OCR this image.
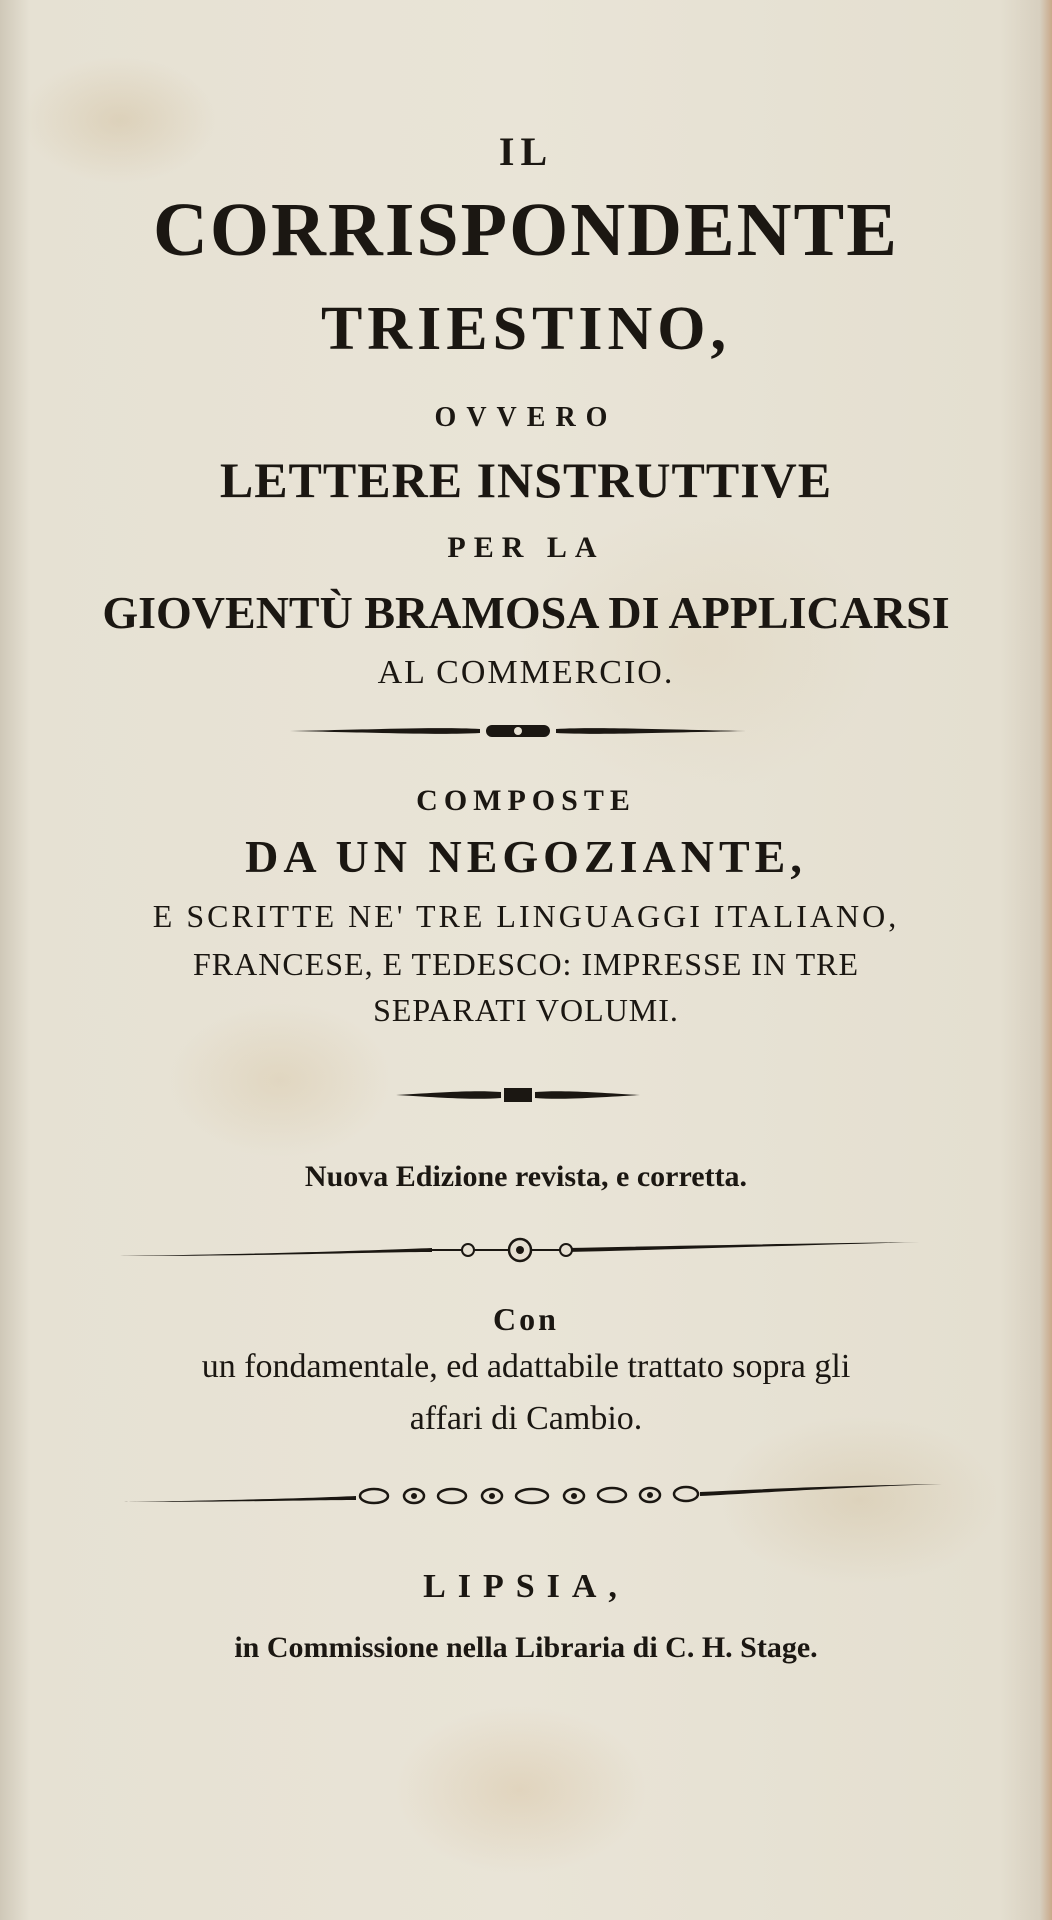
IL
CORRISPONDENTE
TRIESTINO,
OVVERO
LETTERE INSTRUTTIVE
PER LA
GIOVENTÙ BRAMOSA DI APPLICARSI
AL COMMERCIO.
COMPOSTE
DA UN NEGOZIANTE,
E SCRITTE NE' TRE LINGUAGGI ITALIANO,
FRANCESE, E TEDESCO: IMPRESSE IN TRE
SEPARATI VOLUMI.
Nuova Edizione revista, e corretta.
Con
un fondamentale, ed adattabile trattato sopra gli
affari di Cambio.
LIPSIA,
in Commissione nella Libraria di C. H. Stage.
